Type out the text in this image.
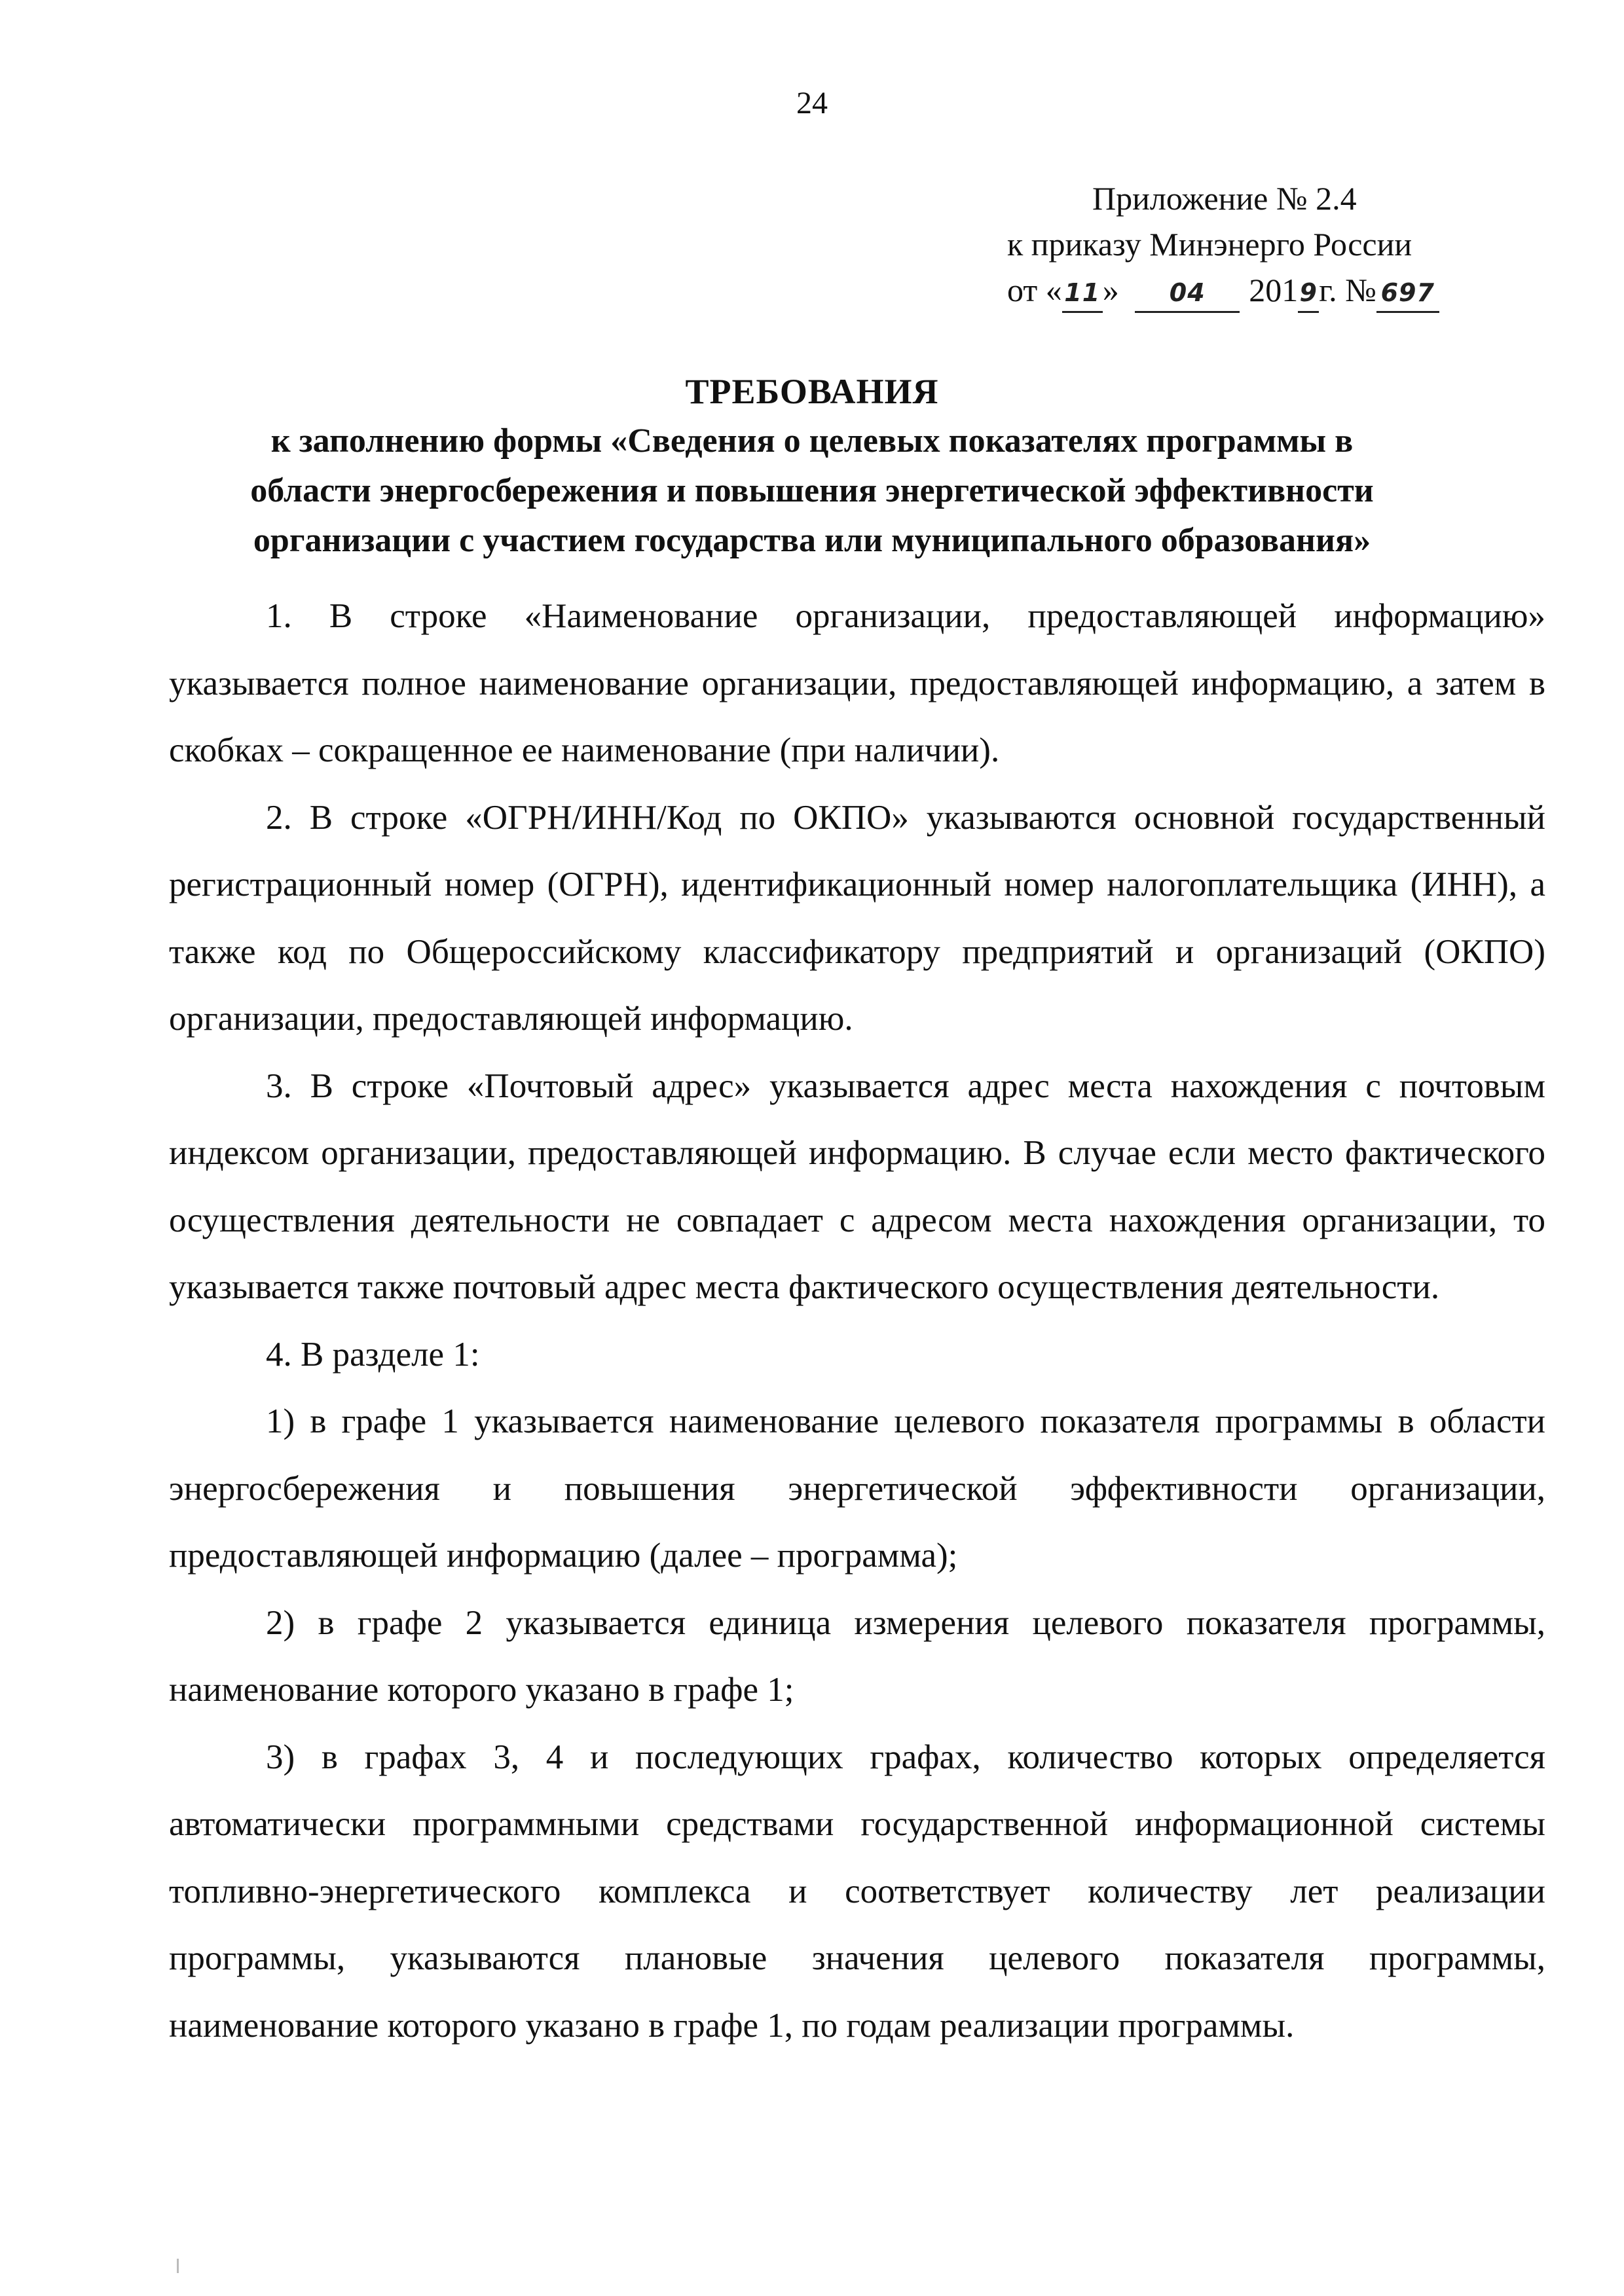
24
Приложение № 2.4
к приказу Минэнерго России
от «11» 04 2019г. № 697
ТРЕБОВАНИЯ
к заполнению формы «Сведения о целевых показателях программы в
области энергосбережения и повышения энергетической эффективности
организации с участием государства или муниципального образования»

1. В строке «Наименование организации, предоставляющей информацию» указывается полное наименование организации, предоставляющей информацию, а затем в скобках – сокращенное ее наименование (при наличии).

2. В строке «ОГРН/ИНН/Код по ОКПО» указываются основной государственный регистрационный номер (ОГРН), идентификационный номер налогоплательщика (ИНН), а также код по Общероссийскому классификатору предприятий и организаций (ОКПО) организации, предоставляющей информацию.

3. В строке «Почтовый адрес» указывается адрес места нахождения с почтовым индексом организации, предоставляющей информацию. В случае если место фактического осуществления деятельности не совпадает с адресом места нахождения организации, то указывается также почтовый адрес места фактического осуществления деятельности.

4. В разделе 1:

1) в графе 1 указывается наименование целевого показателя программы в области энергосбережения и повышения энергетической эффективности организации, предоставляющей информацию (далее – программа);

2) в графе 2 указывается единица измерения целевого показателя программы, наименование которого указано в графе 1;

3) в графах 3, 4 и последующих графах, количество которых определяется автоматически программными средствами государственной информационной системы топливно-энергетического комплекса и соответствует количеству лет реализации программы, указываются плановые значения целевого показателя программы, наименование которого указано в графе 1, по годам реализации программы.
